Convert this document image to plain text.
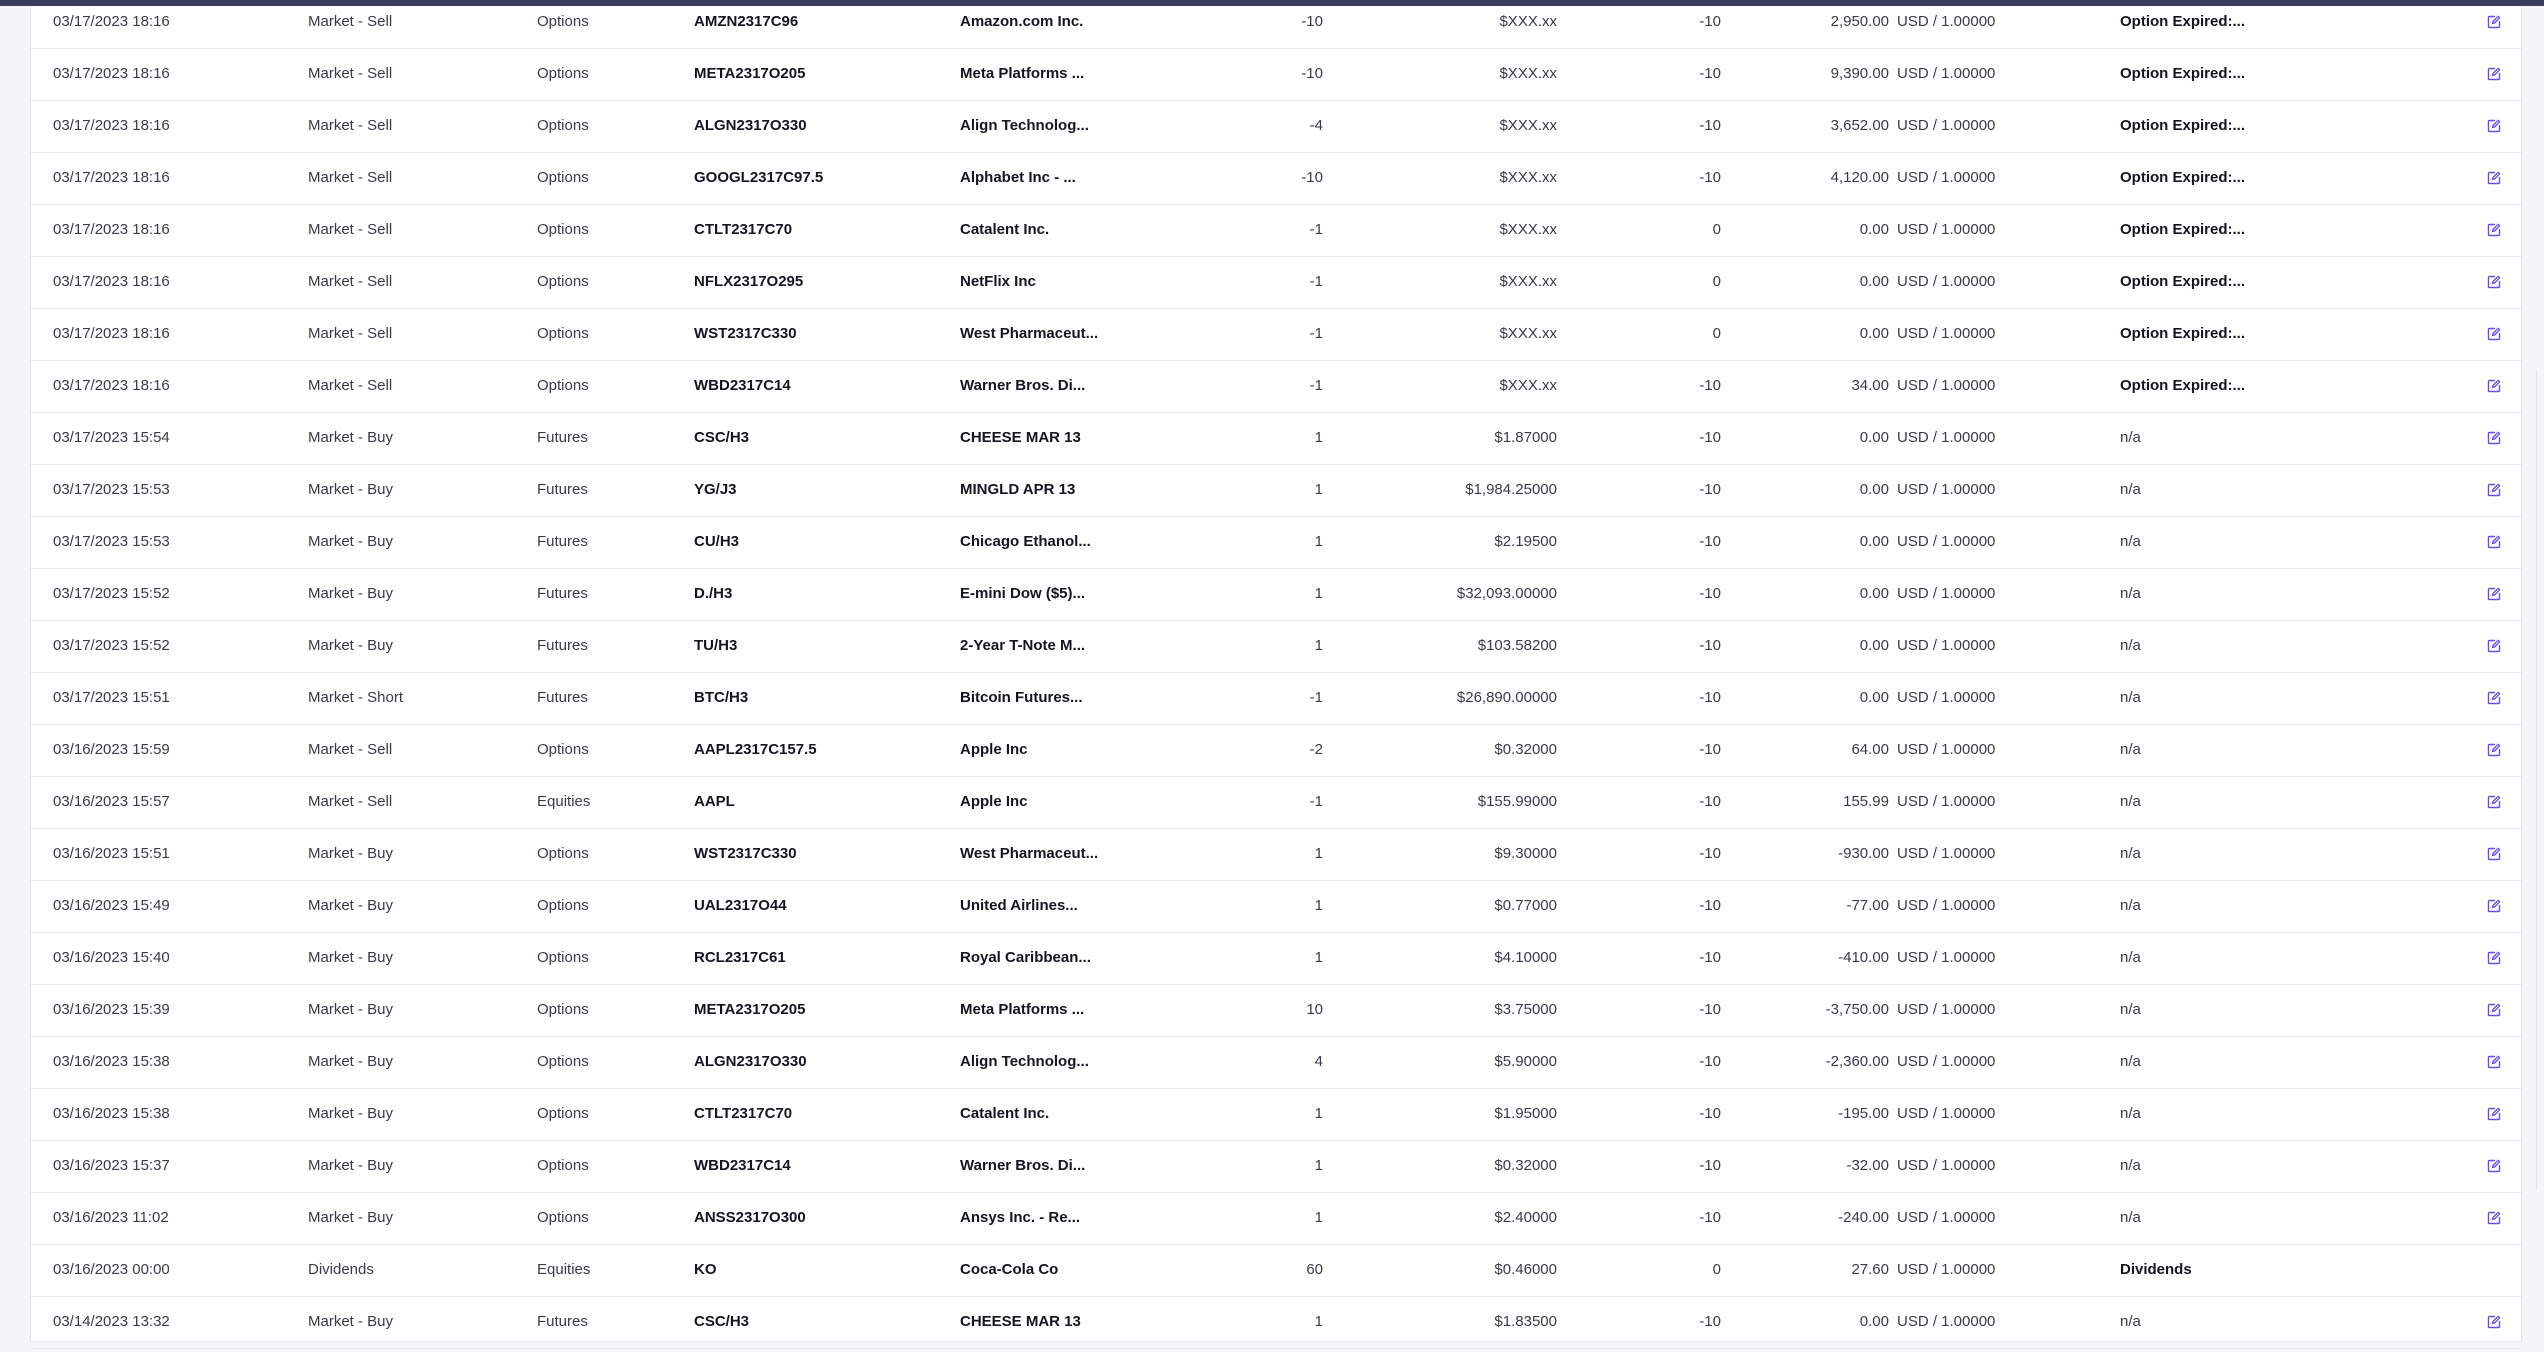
03/17/2023 18:16	Market - Sell	Options	AMZN2317C96	Amazon.com Inc.	-10	$XXX.xx	-10	2,950.00 USD / 1.00000	Option Expired:...
03/17/2023 18:16	Market - Sell	Options	META2317O205	Meta Platforms ...	-10	$XXX.xx	-10	9,390.00 USD / 1.00000	Option Expired:...
03/17/2023 18:16	Market - Sell	Options	ALGN2317O330	Align Technolog...	-4	$XXX.xx	-10	3,652.00 USD / 1.00000	Option Expired:...
03/17/2023 18:16	Market - Sell	Options	GOOGL2317C97.5	Alphabet Inc - ...	-10	$XXX.xx	-10	4,120.00 USD / 1.00000	Option Expired:...
03/17/2023 18:16	Market - Sell	Options	CTLT2317C70	Catalent Inc.	-1	$XXX.xx	0	0.00 USD / 1.00000	Option Expired:...
03/17/2023 18:16	Market - Sell	Options	NFLX2317O295	NetFlix Inc	-1	$XXX.xx	0	0.00 USD / 1.00000	Option Expired:...
03/17/2023 18:16	Market - Sell	Options	WST2317C330	West Pharmaceut...	-1	$XXX.xx	0	0.00 USD / 1.00000	Option Expired:...
03/17/2023 18:16	Market - Sell	Options	WBD2317C14	Warner Bros. Di...	-1	$XXX.xx	-10	34.00 USD / 1.00000	Option Expired:...
03/17/2023 15:54	Market - Buy	Futures	CSC/H3	CHEESE MAR 13	1	$1.87000	-10	0.00 USD / 1.00000	n/a
03/17/2023 15:53	Market - Buy	Futures	YG/J3	MINGLD APR 13	1	$1,984.25000	-10	0.00 USD / 1.00000	n/a
03/17/2023 15:53	Market - Buy	Futures	CU/H3	Chicago Ethanol...	1	$2.19500	-10	0.00 USD / 1.00000	n/a
03/17/2023 15:52	Market - Buy	Futures	D./H3	E-mini Dow ($5)...	1	$32,093.00000	-10	0.00 USD / 1.00000	n/a
03/17/2023 15:52	Market - Buy	Futures	TU/H3	2-Year T-Note M...	1	$103.58200	-10	0.00 USD / 1.00000	n/a
03/17/2023 15:51	Market - Short	Futures	BTC/H3	Bitcoin Futures...	-1	$26,890.00000	-10	0.00 USD / 1.00000	n/a
03/16/2023 15:59	Market - Sell	Options	AAPL2317C157.5	Apple Inc	-2	$0.32000	-10	64.00 USD / 1.00000	n/a
03/16/2023 15:57	Market - Sell	Equities	AAPL	Apple Inc	-1	$155.99000	-10	155.99 USD / 1.00000	n/a
03/16/2023 15:51	Market - Buy	Options	WST2317C330	West Pharmaceut...	1	$9.30000	-10	-930.00 USD / 1.00000	n/a
03/16/2023 15:49	Market - Buy	Options	UAL2317O44	United Airlines...	1	$0.77000	-10	-77.00 USD / 1.00000	n/a
03/16/2023 15:40	Market - Buy	Options	RCL2317C61	Royal Caribbean...	1	$4.10000	-10	-410.00 USD / 1.00000	n/a
03/16/2023 15:39	Market - Buy	Options	META2317O205	Meta Platforms ...	10	$3.75000	-10	-3,750.00 USD / 1.00000	n/a
03/16/2023 15:38	Market - Buy	Options	ALGN2317O330	Align Technolog...	4	$5.90000	-10	-2,360.00 USD / 1.00000	n/a
03/16/2023 15:38	Market - Buy	Options	CTLT2317C70	Catalent Inc.	1	$1.95000	-10	-195.00 USD / 1.00000	n/a
03/16/2023 15:37	Market - Buy	Options	WBD2317C14	Warner Bros. Di...	1	$0.32000	-10	-32.00 USD / 1.00000	n/a
03/16/2023 11:02	Market - Buy	Options	ANSS2317O300	Ansys Inc. - Re...	1	$2.40000	-10	-240.00 USD / 1.00000	n/a
03/16/2023 00:00	Dividends	Equities	KO	Coca-Cola Co	60	$0.46000	0	27.60 USD / 1.00000	Dividends
03/14/2023 13:32	Market - Buy	Futures	CSC/H3	CHEESE MAR 13	1	$1.83500	-10	0.00 USD / 1.00000	n/a
